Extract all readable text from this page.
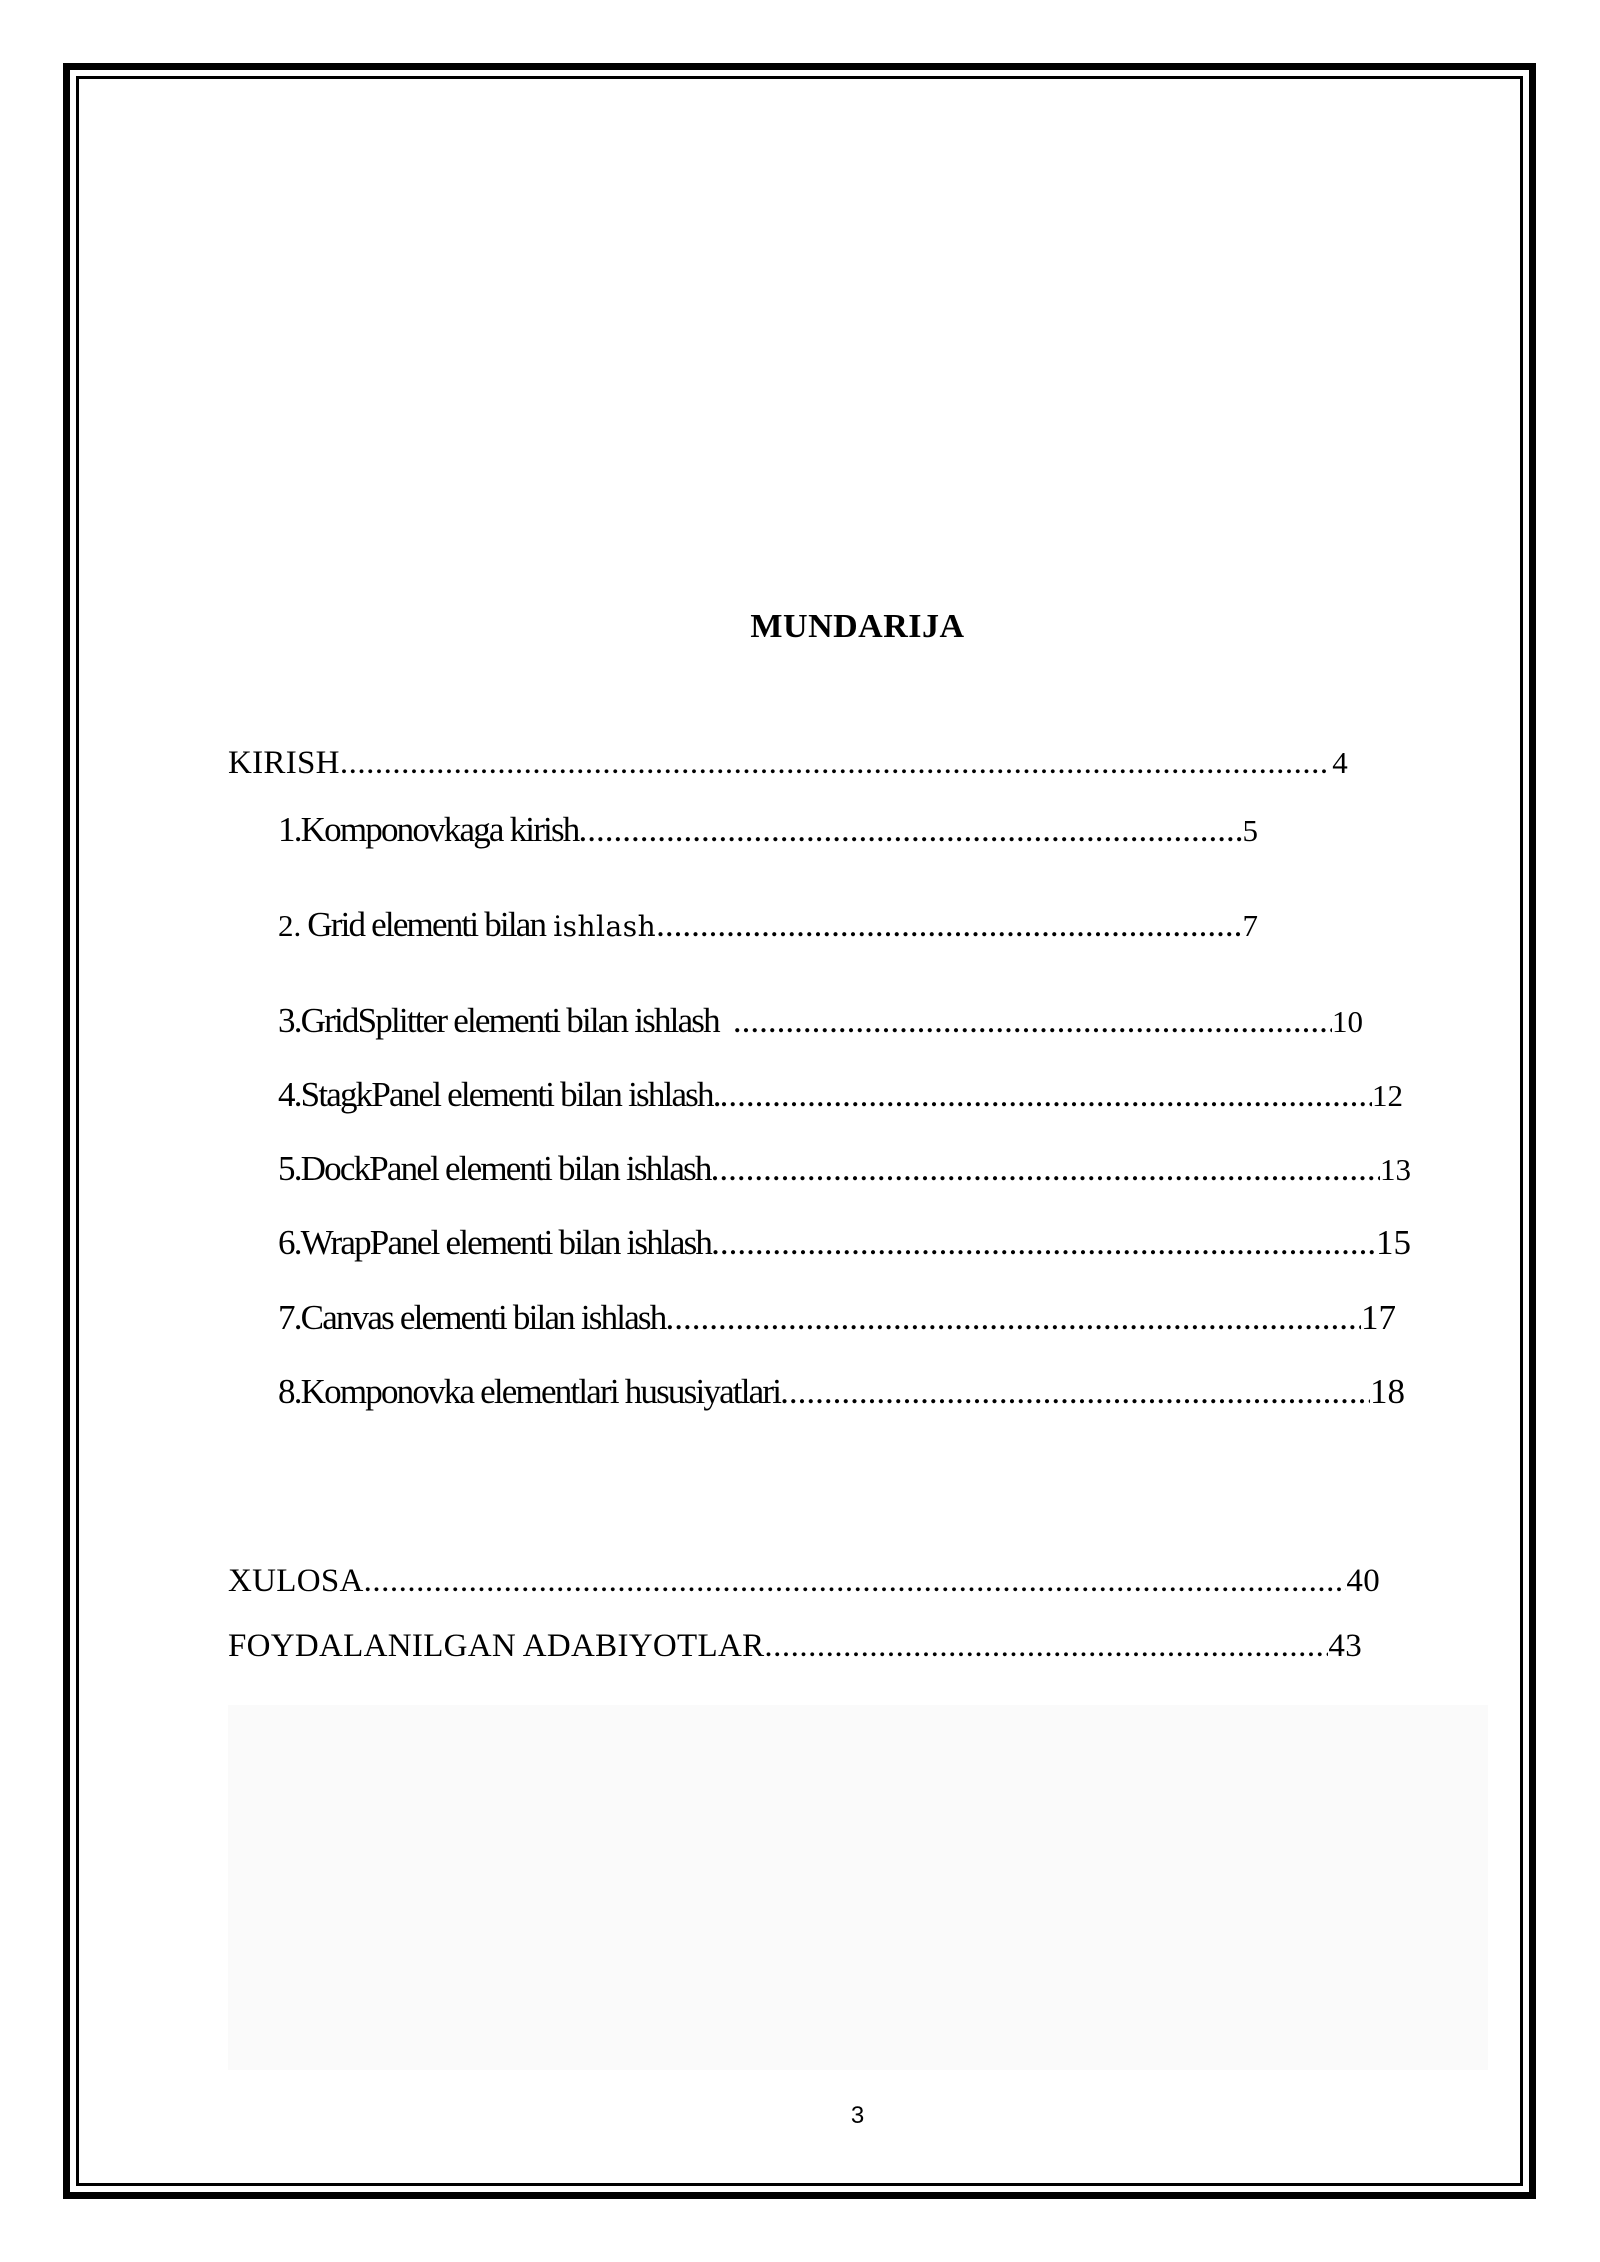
MUNDARIJA
KIRISH .....	4
1. Komponovkaga kirish .....	5
2. Grid elementi bilan ishlash .....	7
3. GridSplitter elementi bilan ishlash .....	10
4. StagkPanel elementi bilan ishlash. .....	12
5. DockPanel elementi bilan ishlash .....	13
6. WrapPanel elementi bilan ishlash .....	15
7. Canvas elementi bilan ishlash .....	17
8. Komponovka elementlari hususiyatlari .....	18
XULOSA .....	40
FOYDALANILGAN ADABIYOTLAR .....	43
3
